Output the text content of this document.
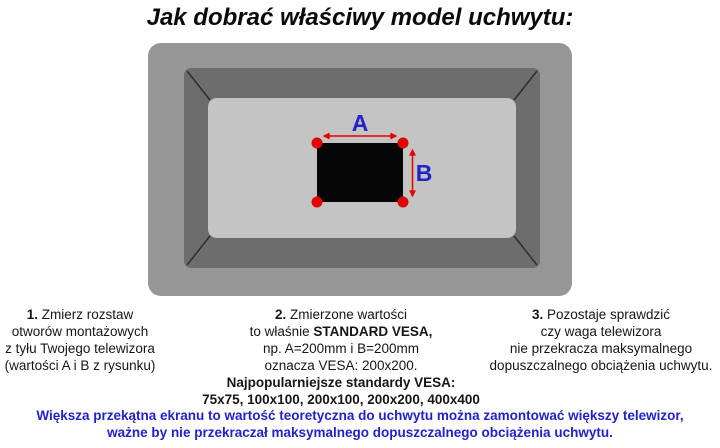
Jak dobrać właściwy model uchwytu:
A
B
1. Zmierz rozstaw
otworów montażowych
z tyłu Twojego telewizora
(wartości A i B z rysunku)
2. Zmierzone wartości
to właśnie STANDARD VESA,
np. A=200mm i B=200mm
oznacza VESA: 200x200.
Najpopularniejsze standardy VESA:
75x75, 100x100, 200x100, 200x200, 400x400
3. Pozostaje sprawdzić
czy waga telewizora
nie przekracza maksymalnego
dopuszczalnego obciążenia uchwytu.
Większa przekątna ekranu to wartość teoretyczna do uchwytu można zamontować większy telewizor,
ważne by nie przekraczał maksymalnego dopuszczalnego obciążenia uchwytu.
